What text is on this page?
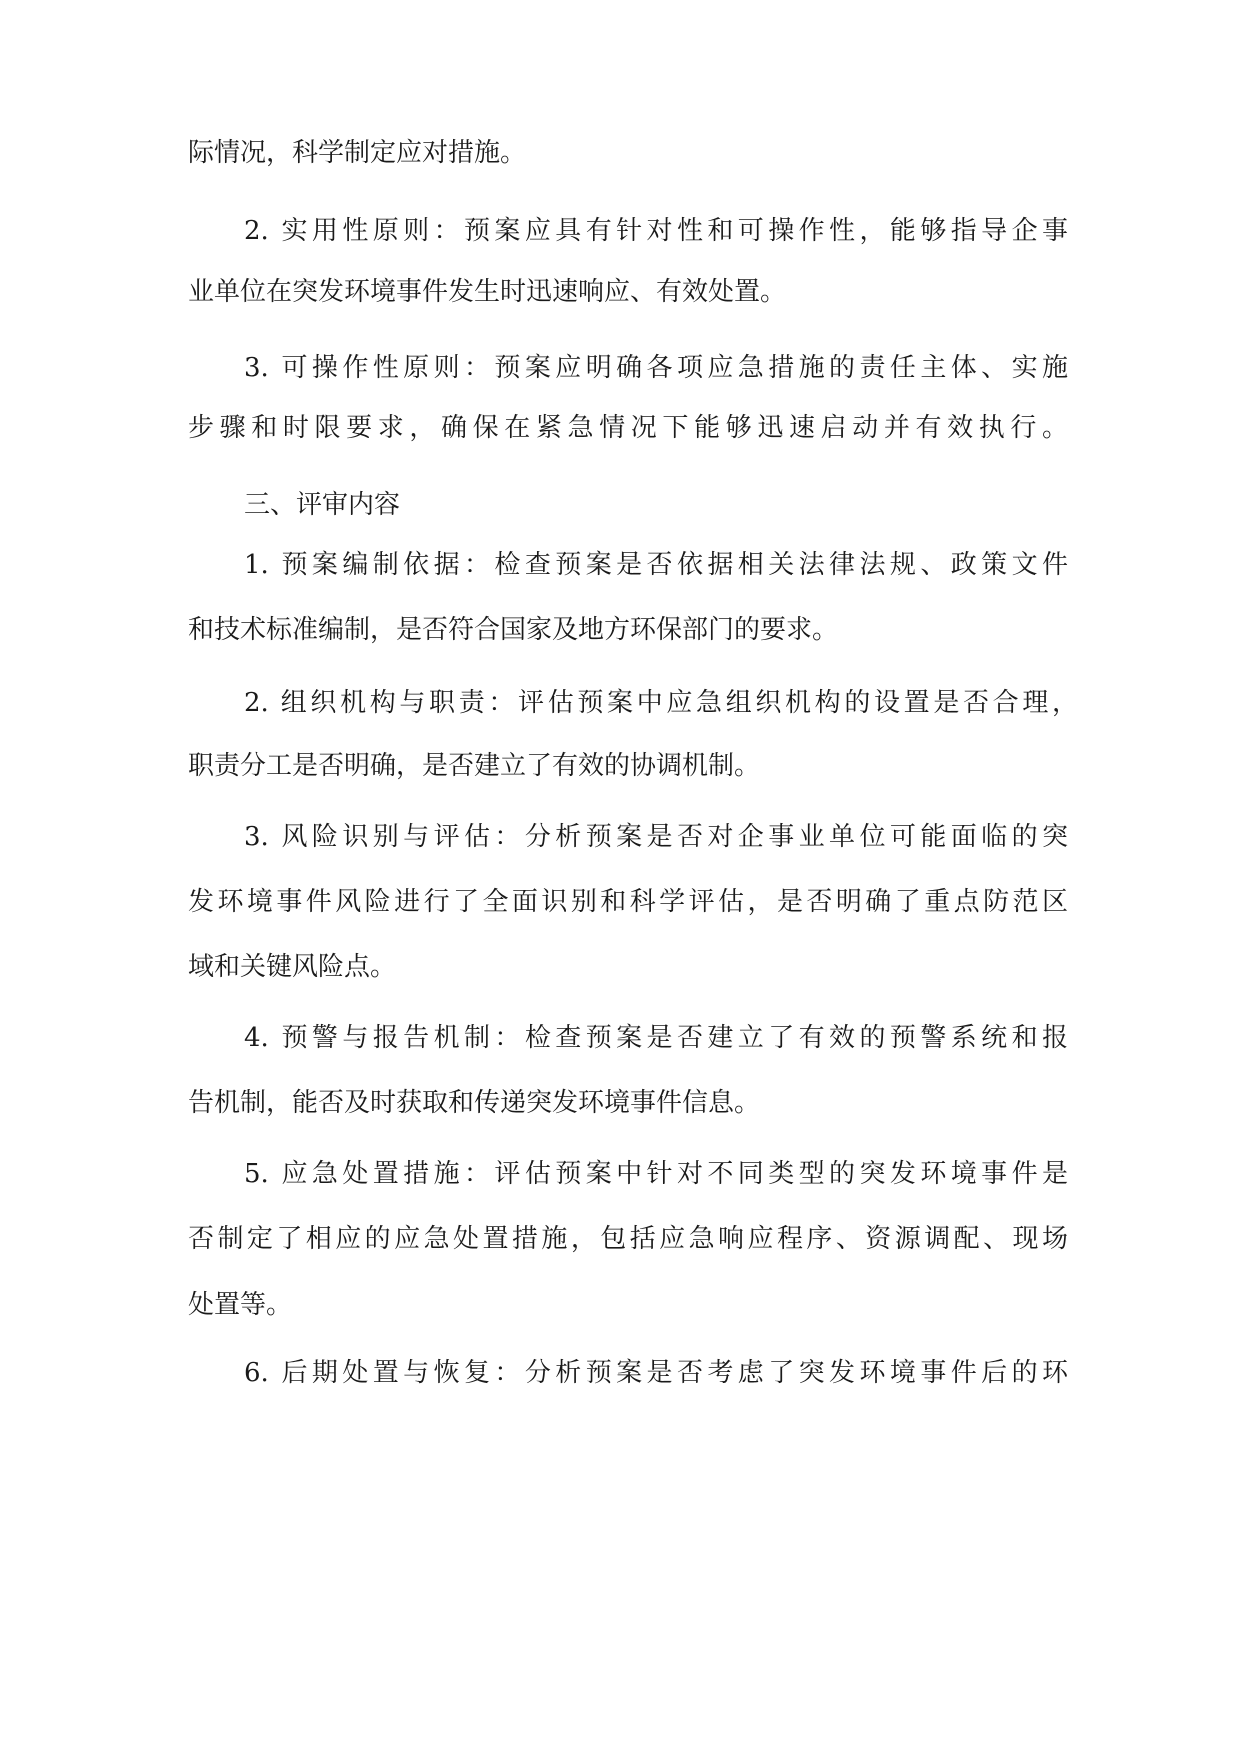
际情况，科学制定应对措施。
2. 实用性原则：预案应具有针对性和可操作性，能够指导企事
业单位在突发环境事件发生时迅速响应、有效处置。
3. 可操作性原则：预案应明确各项应急措施的责任主体、实施
步骤和时限要求，确保在紧急情况下能够迅速启动并有效执行。
三、评审内容
1. 预案编制依据：检查预案是否依据相关法律法规、政策文件
和技术标准编制，是否符合国家及地方环保部门的要求。
2. 组织机构与职责：评估预案中应急组织机构的设置是否合理，
职责分工是否明确，是否建立了有效的协调机制。
3. 风险识别与评估：分析预案是否对企事业单位可能面临的突
发环境事件风险进行了全面识别和科学评估，是否明确了重点防范区
域和关键风险点。
4. 预警与报告机制：检查预案是否建立了有效的预警系统和报
告机制，能否及时获取和传递突发环境事件信息。
5. 应急处置措施：评估预案中针对不同类型的突发环境事件是
否制定了相应的应急处置措施，包括应急响应程序、资源调配、现场
处置等。
6. 后期处置与恢复：分析预案是否考虑了突发环境事件后的环
